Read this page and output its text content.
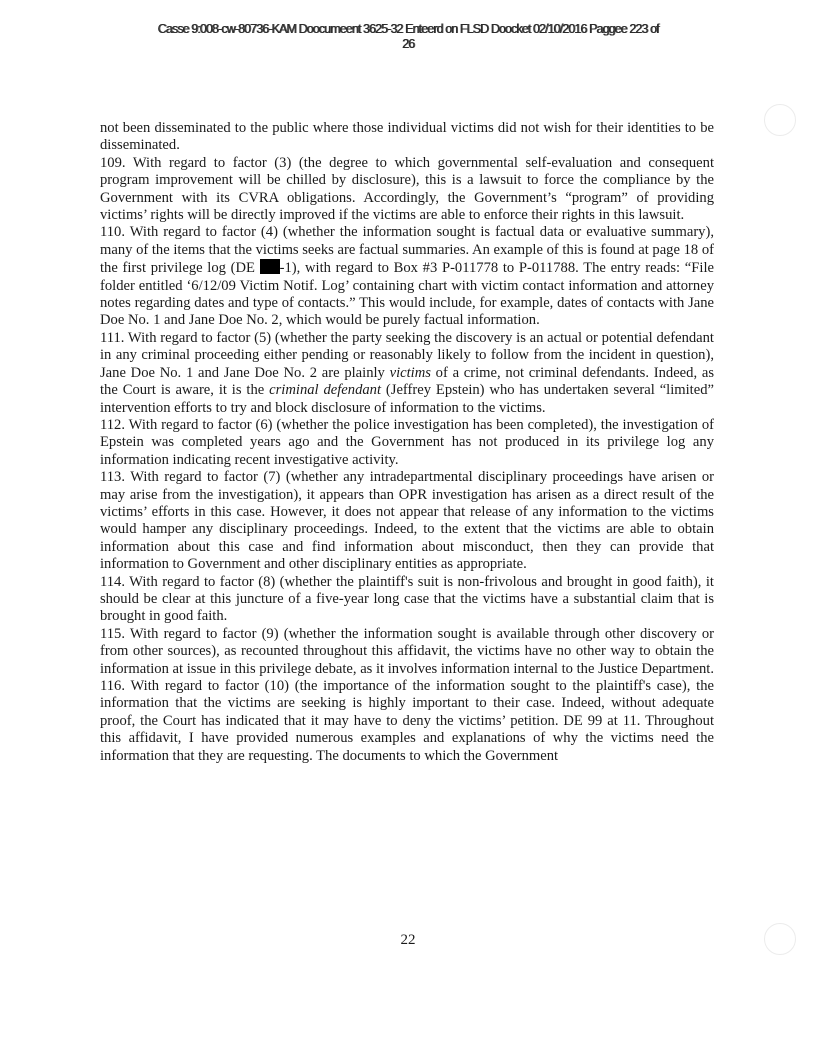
Casse 9:008-cw-80736-KAM Doocumeent 3625-32 Enteerd on FLSD Doocket 02/10/2016 Paggee 223 of
26

not been disseminated to the public where those individual victims did not wish for their identities to be disseminated.

109. With regard to factor (3) (the degree to which governmental self-evaluation and consequent program improvement will be chilled by disclosure), this is a lawsuit to force the compliance by the Government with its CVRA obligations. Accordingly, the Government’s “program” of providing victims’ rights will be directly improved if the victims are able to enforce their rights in this lawsuit.

110. With regard to factor (4) (whether the information sought is factual data or evaluative summary), many of the items that the victims seeks are factual summaries. An example of this is found at page 18 of the first privilege log (DE -1), with regard to Box #3 P-011778 to P-011788. The entry reads: “File folder entitled ‘6/12/09 Victim Notif. Log’ containing chart with victim contact information and attorney notes regarding dates and type of contacts.” This would include, for example, dates of contacts with Jane Doe No. 1 and Jane Doe No. 2, which would be purely factual information.

111. With regard to factor (5) (whether the party seeking the discovery is an actual or potential defendant in any criminal proceeding either pending or reasonably likely to follow from the incident in question), Jane Doe No. 1 and Jane Doe No. 2 are plainly victims of a crime, not criminal defendants. Indeed, as the Court is aware, it is the criminal defendant (Jeffrey Epstein) who has undertaken several “limited” intervention efforts to try and block disclosure of information to the victims.

112. With regard to factor (6) (whether the police investigation has been completed), the investigation of Epstein was completed years ago and the Government has not produced in its privilege log any information indicating recent investigative activity.

113. With regard to factor (7) (whether any intradepartmental disciplinary proceedings have arisen or may arise from the investigation), it appears than OPR investigation has arisen as a direct result of the victims’ efforts in this case. However, it does not appear that release of any information to the victims would hamper any disciplinary proceedings. Indeed, to the extent that the victims are able to obtain information about this case and find information about misconduct, then they can provide that information to Government and other disciplinary entities as appropriate.

114. With regard to factor (8) (whether the plaintiff's suit is non-frivolous and brought in good faith), it should be clear at this juncture of a five-year long case that the victims have a substantial claim that is brought in good faith.

115. With regard to factor (9) (whether the information sought is available through other discovery or from other sources), as recounted throughout this affidavit, the victims have no other way to obtain the information at issue in this privilege debate, as it involves information internal to the Justice Department.

116. With regard to factor (10) (the importance of the information sought to the plaintiff's case), the information that the victims are seeking is highly important to their case. Indeed, without adequate proof, the Court has indicated that it may have to deny the victims’ petition. DE 99 at 11. Throughout this affidavit, I have provided numerous examples and explanations of why the victims need the information that they are requesting. The documents to which the Government

22
